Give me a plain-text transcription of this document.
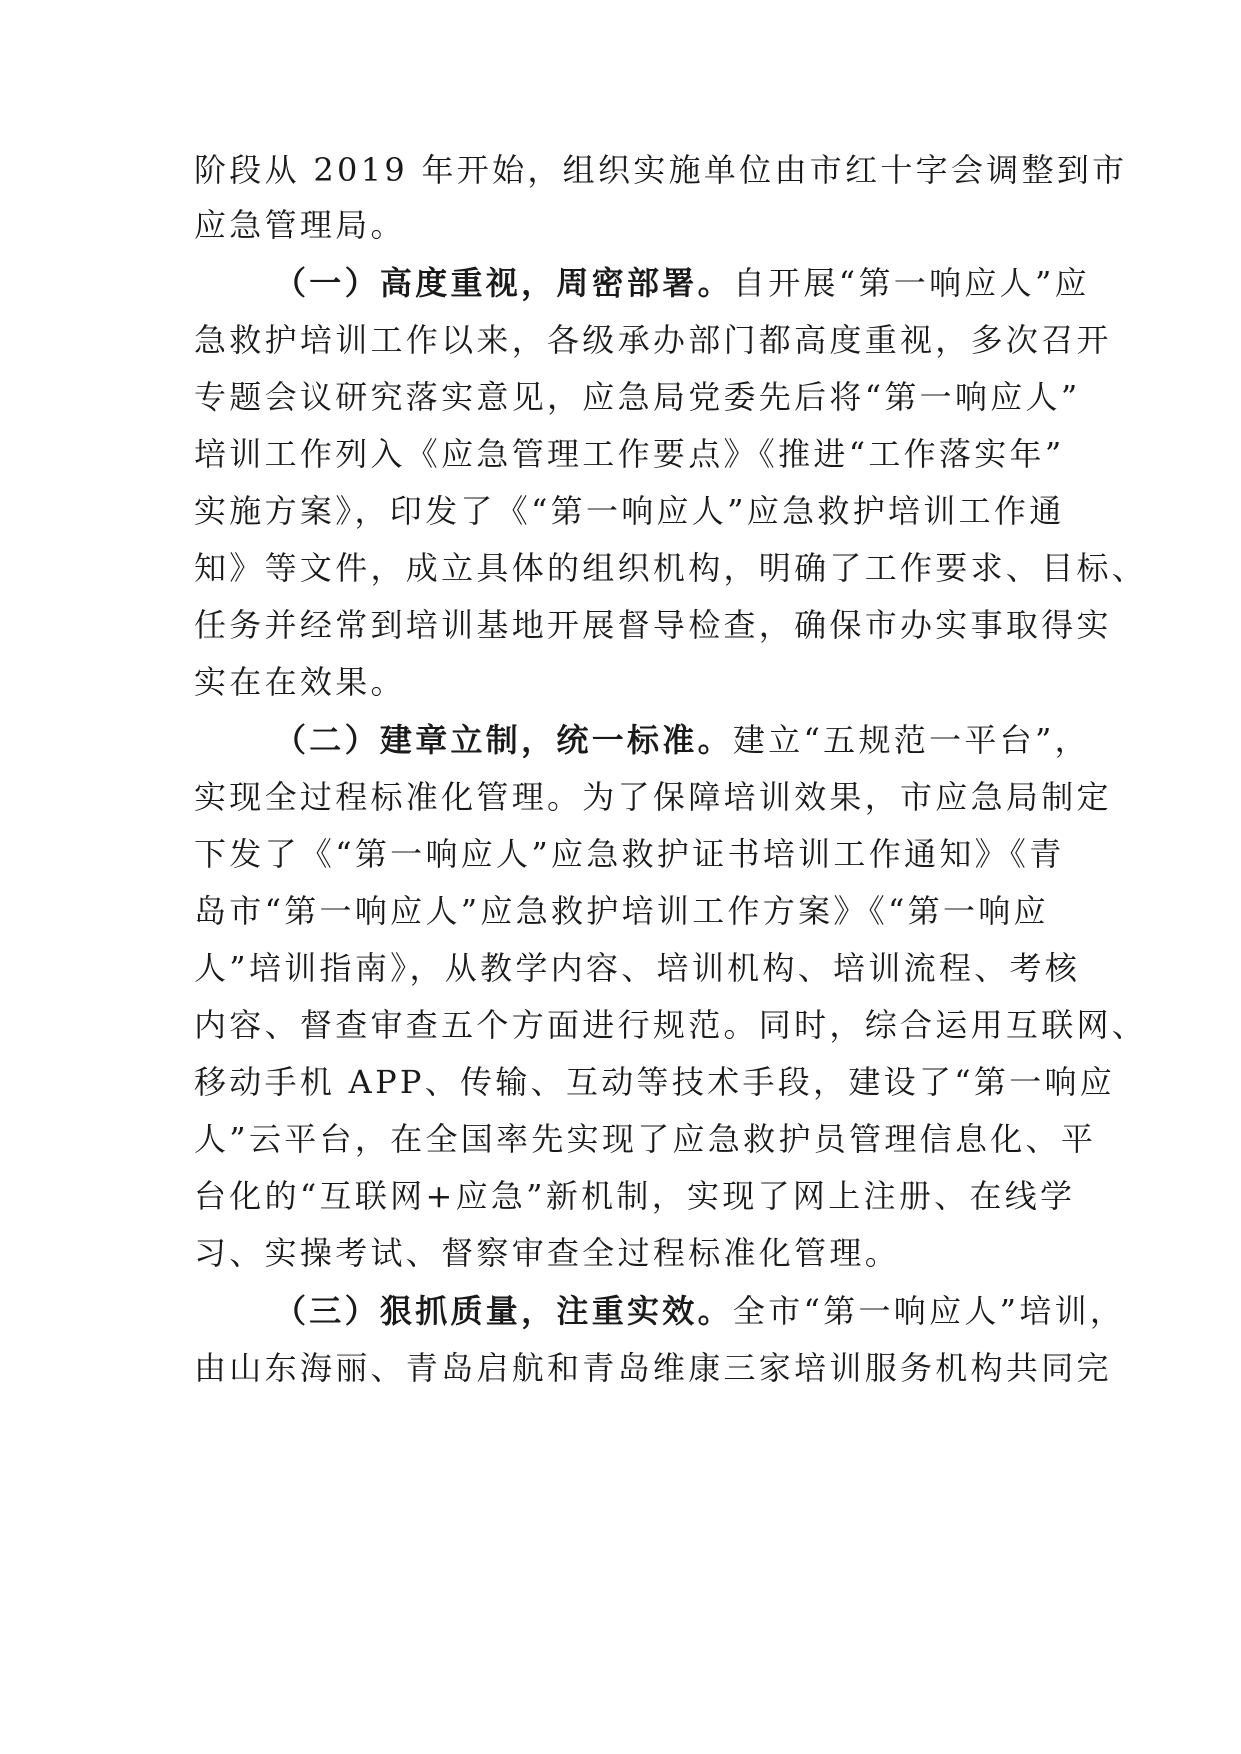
阶段从 2019 年开始，组织实施单位由市红十字会调整到市
应急管理局。
（一）高度重视，周密部署。自开展“第一响应人”应
急救护培训工作以来，各级承办部门都高度重视，多次召开
专题会议研究落实意见，应急局党委先后将“第一响应人”
培训工作列入《应急管理工作要点》《推进“工作落实年”
实施方案》，印发了《“第一响应人”应急救护培训工作通
知》等文件，成立具体的组织机构，明确了工作要求、目标、
任务并经常到培训基地开展督导检查，确保市办实事取得实
实在在效果。
（二）建章立制，统一标准。建立“五规范一平台”，
实现全过程标准化管理。为了保障培训效果，市应急局制定
下发了《“第一响应人”应急救护证书培训工作通知》《青
岛市“第一响应人”应急救护培训工作方案》《“第一响应
人”培训指南》，从教学内容、培训机构、培训流程、考核
内容、督查审查五个方面进行规范。同时，综合运用互联网、
移动手机 APP、传输、互动等技术手段，建设了“第一响应
人”云平台，在全国率先实现了应急救护员管理信息化、平
台化的“互联网+应急”新机制，实现了网上注册、在线学
习、实操考试、督察审查全过程标准化管理。
（三）狠抓质量，注重实效。全市“第一响应人”培训，
由山东海丽、青岛启航和青岛维康三家培训服务机构共同完
